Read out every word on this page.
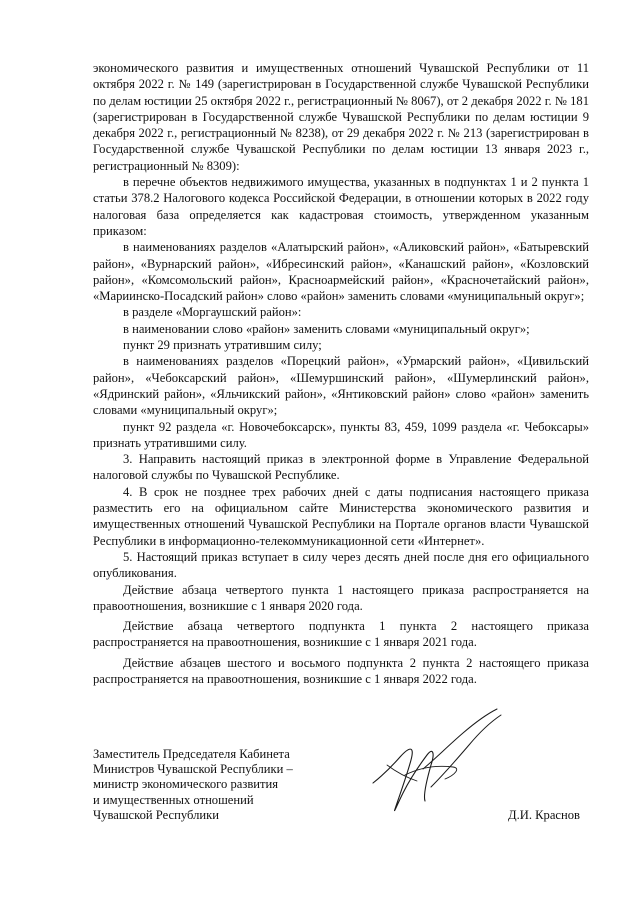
экономического развития и имущественных отношений Чувашской Республики от 11 октября 2022 г. № 149 (зарегистрирован в Государственной службе Чувашской Республики по делам юстиции 25 октября 2022 г., регистрационный № 8067), от 2 декабря 2022 г. № 181 (зарегистрирован в Государственной службе Чувашской Республики по делам юстиции 9 декабря 2022 г., регистрационный № 8238), от 29 декабря 2022 г. № 213 (зарегистрирован в Государственной службе Чувашской Республики по делам юстиции 13 января 2023 г., регистрационный № 8309):

в перечне объектов недвижимого имущества, указанных в подпунктах 1 и 2 пункта 1 статьи 378.2 Налогового кодекса Российской Федерации, в отношении которых в 2022 году налоговая база определяется как кадастровая стоимость, утвержденном указанным приказом:

в наименованиях разделов «Алатырский район», «Аликовский район», «Батыревский район», «Вурнарский район», «Ибресинский район», «Канашский район», «Козловский район», «Комсомольский район», Красноармейский район», «Красночетайский район», «Мариинско-Посадский район» слово «район» заменить словами «муниципальный округ»;

в разделе «Моргаушский район»:

в наименовании слово «район» заменить словами «муниципальный округ»;

пункт 29 признать утратившим силу;

в наименованиях разделов «Порецкий район», «Урмарский район», «Цивильский район», «Чебоксарский район», «Шемуршинский район», «Шумерлинский район», «Ядринский район», «Яльчикский район», «Янтиковский район» слово «район» заменить словами «муниципальный округ»;

пункт 92 раздела «г. Новочебоксарск», пункты 83, 459, 1099 раздела «г. Чебоксары» признать утратившими силу.

3. Направить настоящий приказ в электронной форме в Управление Федеральной налоговой службы по Чувашской Республике.

4. В срок не позднее трех рабочих дней с даты подписания настоящего приказа разместить его на официальном сайте Министерства экономического развития и имущественных отношений Чувашской Республики на Портале органов власти Чувашской Республики в информационно-телекоммуникационной сети «Интернет».

5. Настоящий приказ вступает в силу через десять дней после дня его официального опубликования.

Действие абзаца четвертого пункта 1 настоящего приказа распространяется на правоотношения, возникшие с 1 января 2020 года.

Действие абзаца четвертого подпункта 1 пункта 2 настоящего приказа распространяется на правоотношения, возникшие с 1 января 2021 года.

Действие абзацев шестого и восьмого подпункта 2 пункта 2 настоящего приказа распространяется на правоотношения, возникшие с 1 января 2022 года.

Заместитель Председателя Кабинета
Министров Чувашской Республики –
министр экономического развития
и имущественных отношений
Чувашской Республики	Д.И. Краснов
